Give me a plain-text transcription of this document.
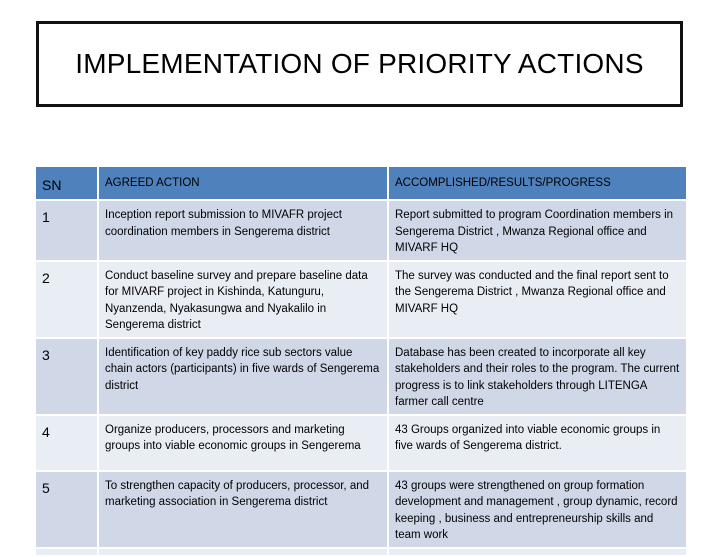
IMPLEMENTATION OF PRIORITY ACTIONS
SN	AGREED ACTION	ACCOMPLISHED/RESULTS/PROGRESS
1	Inception report submission to MIVAFR project coordination members in Sengerema district	Report submitted to program Coordination members in Sengerema District , Mwanza Regional office and MIVARF HQ
2	Conduct baseline survey and prepare baseline data for MIVARF project in Kishinda, Katunguru, Nyanzenda, Nyakasungwa and Nyakalilo in Sengerema district	The survey was conducted and the final report sent to the Sengerema District , Mwanza Regional office and MIVARF HQ
3	Identification of key paddy rice sub sectors value chain actors (participants) in five wards of Sengerema district	Database has been created to incorporate all key stakeholders and their roles to the program. The current progress is to link stakeholders through LITENGA farmer call centre
4	Organize producers, processors and marketing groups into viable economic groups in Sengerema	43 Groups organized into viable economic groups in five wards of Sengerema district.
5	To strengthen capacity of producers, processor, and marketing association in Sengerema district	43 groups were strengthened on group formation development and management , group dynamic, record keeping , business and entrepreneurship skills and team work
